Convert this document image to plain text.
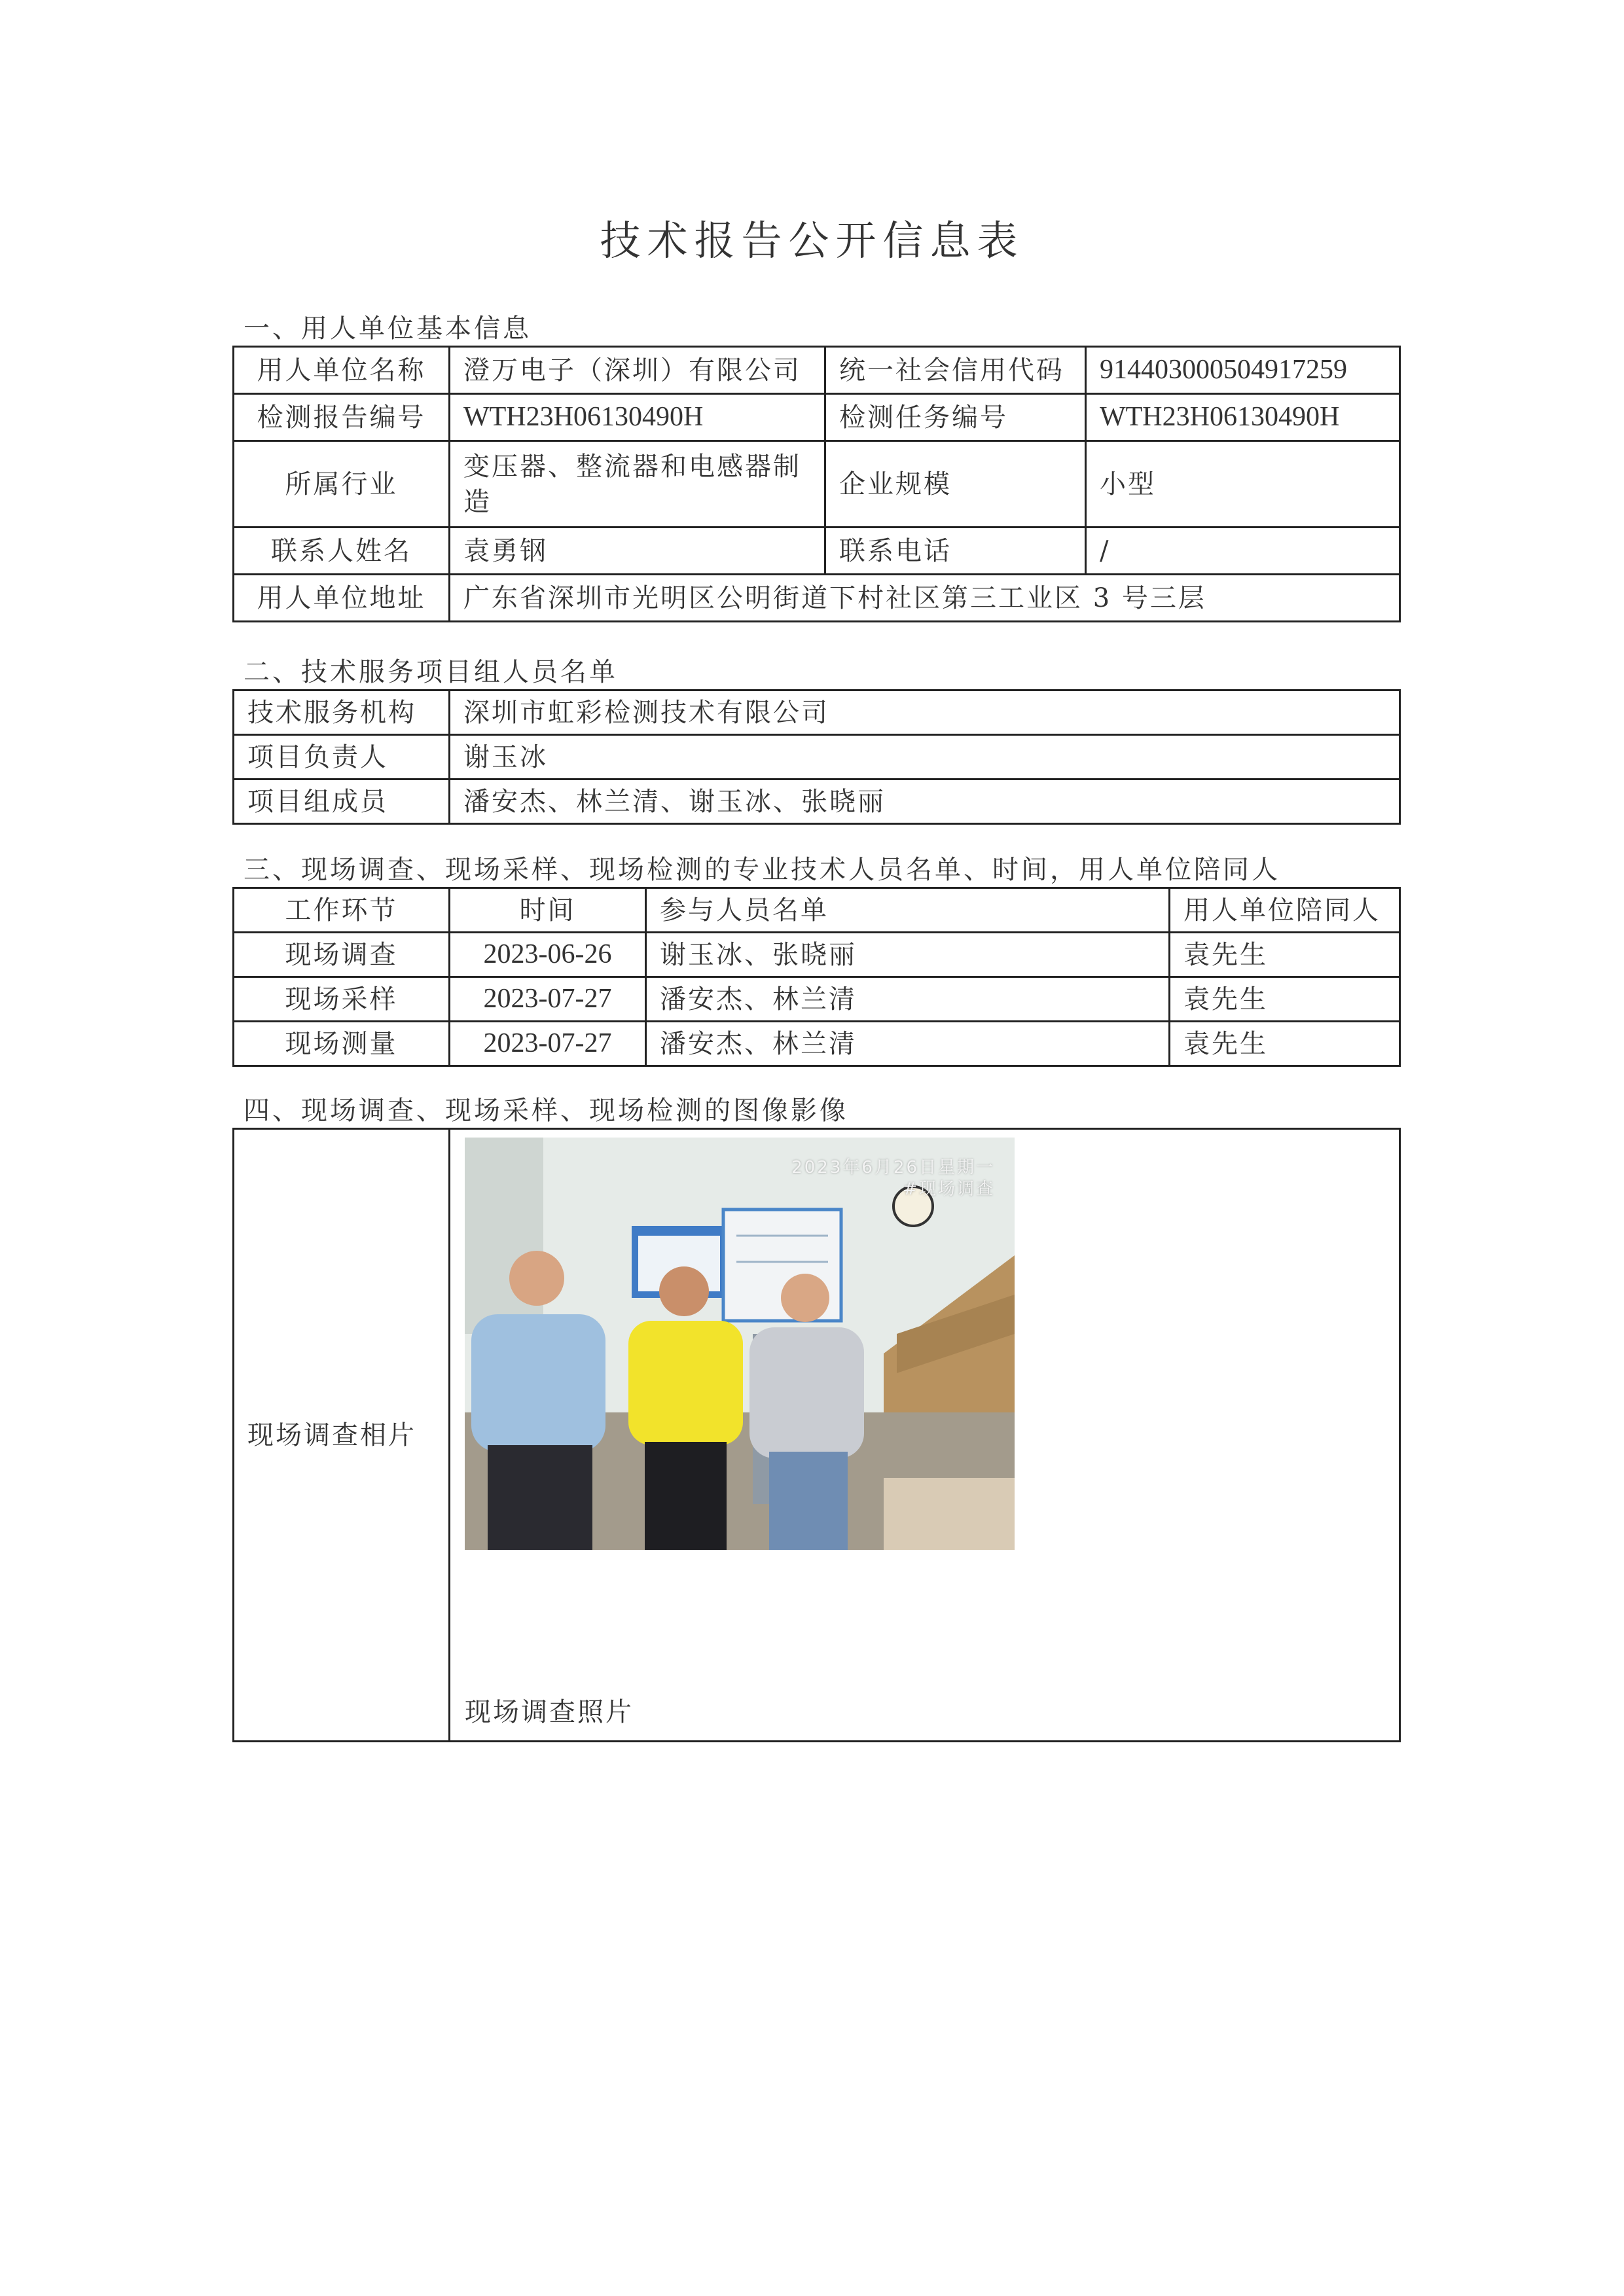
技术报告公开信息表
一、用人单位基本信息
用人单位名称	澄万电子（深圳）有限公司	统一社会信用代码	914403000504917259
检测报告编号	WTH23H06130490H	检测任务编号	WTH23H06130490H
所属行业	变压器、整流器和电感器制造	企业规模	小型
联系人姓名	袁勇钢	联系电话	/
用人单位地址	广东省深圳市光明区公明街道下村社区第三工业区 3 号三层		
二、技术服务项目组人员名单
技术服务机构	深圳市虹彩检测技术有限公司
项目负责人	谢玉冰
项目组成员	潘安杰、林兰清、谢玉冰、张晓丽
三、现场调查、现场采样、现场检测的专业技术人员名单、时间，用人单位陪同人
工作环节	时间	参与人员名单	用人单位陪同人
现场调查	2023-06-26	谢玉冰、张晓丽	袁先生
现场采样	2023-07-27	潘安杰、林兰清	袁先生
现场测量	2023-07-27	潘安杰、林兰清	袁先生
四、现场调查、现场采样、现场检测的图像影像
现场调查相片	
2023年6月26日星期一
#现场调查
现场调查照片
